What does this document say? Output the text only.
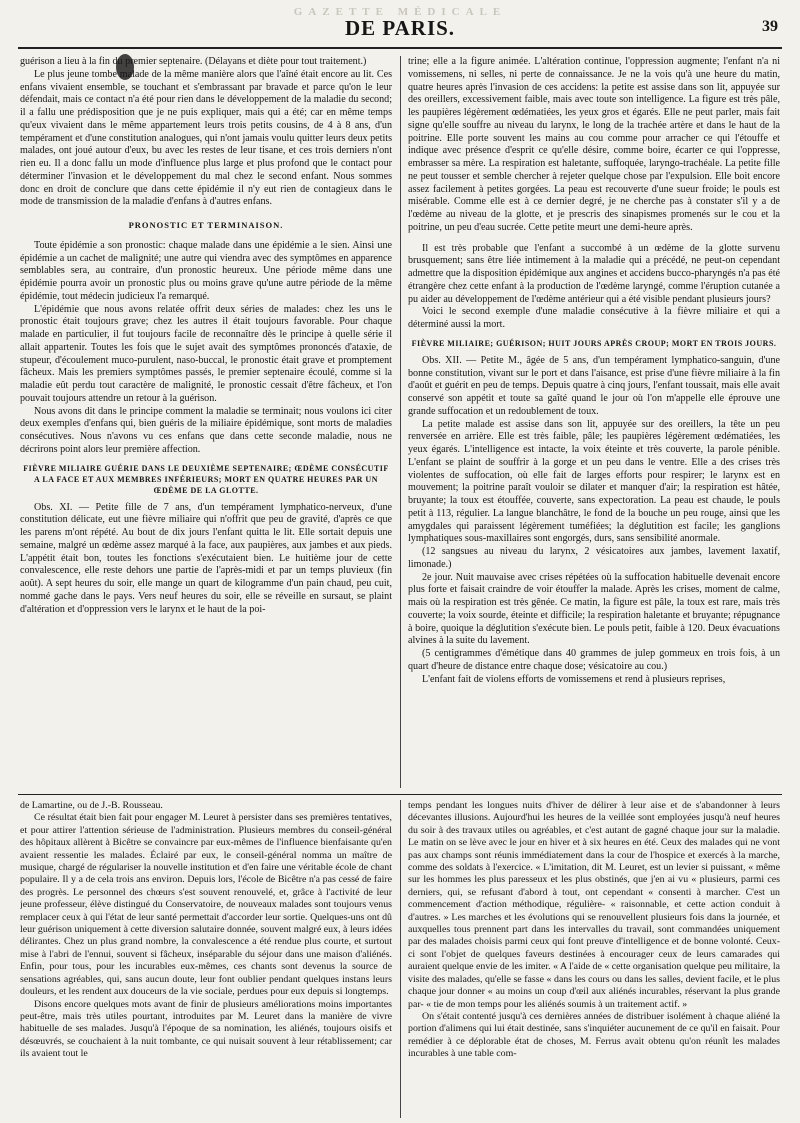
GAZETTE MÉDICALE
DE PARIS.	39

guérison a lieu à la fin du premier septenaire. (Délayans et diète pour tout traitement.)

Le plus jeune tombe malade de la même manière alors que l'aîné était encore au lit. Ces enfans vivaient ensemble, se touchant et s'embrassant par bravade et parce qu'on le leur défendait, mais ce contact n'a été pour rien dans le développement de la maladie du second; il a fallu une prédisposition que je ne puis expliquer, mais qui a été; car en même temps qu'eux vivaient dans le même appartement leurs trois petits cousins, de 4 à 8 ans, d'un tempérament et d'une constitution analogues, qui n'ont jamais voulu quitter leurs deux petits malades, ont joué autour d'eux, bu avec les restes de leur tisane, et ces trois derniers n'ont rien eu. Il a donc fallu un mode d'influence plus large et plus profond que le contact pour déterminer l'invasion et le développement du mal chez le second enfant. Nous sommes donc en droit de conclure que dans cette épidémie il n'y eut rien de contagieux dans le mode de transmission de la maladie d'enfans à d'autres enfans.

PRONOSTIC ET TERMINAISON.

Toute épidémie a son pronostic: chaque malade dans une épidémie a le sien. Ainsi une épidémie a un cachet de malignité; une autre qui viendra avec des symptômes en apparence semblables sera, au contraire, d'un pronostic heureux. Une période même dans une épidémie pourra avoir un pronostic plus ou moins grave qu'une autre période de la même épidémie, tout médecin judicieux l'a remarqué.

L'épidémie que nous avons relatée offrit deux séries de malades: chez les uns le pronostic était toujours grave; chez les autres il était toujours favorable. Pour chaque malade en particulier, il fut toujours facile de reconnaître dès le principe à quelle série il allait appartenir. Toutes les fois que le sujet avait des symptômes prononcés d'ataxie, de stupeur, d'écoulement muco-purulent, naso-buccal, le pronostic était grave et promptement fâcheux. Mais les premiers symptômes passés, le premier septenaire écoulé, comme si la maladie eût perdu tout caractère de malignité, le pronostic cessait d'être fâcheux, et l'on pouvait toujours attendre un retour à la guérison.

Nous avons dit dans le principe comment la maladie se terminait; nous voulons ici citer deux exemples d'enfans qui, bien guéris de la miliaire épidémique, sont morts de maladies consécutives. Nous n'avons vu ces enfans que dans cette seconde maladie, nous ne décrirons point alors leur première affection.

FIÈVRE MILIAIRE GUÉRIE DANS LE DEUXIÈME SEPTENAIRE; ŒDÈME CONSÉCUTIF A LA FACE ET AUX MEMBRES INFÉRIEURS; MORT EN QUATRE HEURES PAR UN ŒDÈME DE LA GLOTTE.

Obs. XI. — Petite fille de 7 ans, d'un tempérament lymphatico-nerveux, d'une constitution délicate, eut une fièvre miliaire qui n'offrit que peu de gravité, d'après ce que les parens m'ont répété. Au bout de dix jours l'enfant quitta le lit. Elle sortait depuis une semaine, malgré un œdème assez marqué à la face, aux paupières, aux jambes et aux pieds. L'appétit était bon, toutes les fonctions s'exécutaient bien. Le huitième jour de cette convalescence, elle reste dehors une partie de l'après-midi et par un temps pluvieux (fin août). A sept heures du soir, elle mange un quart de kilogramme d'un pain chaud, peu cuit, nommé gache dans le pays. Vers neuf heures du soir, elle se réveille en sursaut, se plaint d'altération et d'oppression vers le larynx et le haut de la poi-

trine; elle a la figure animée. L'altération continue, l'oppression augmente; l'enfant n'a ni vomissemens, ni selles, ni perte de connaissance. Je ne la vois qu'à une heure du matin, quatre heures après l'invasion de ces accidens: la petite est assise dans son lit, appuyée sur des oreillers, excessivement faible, mais avec toute son intelligence. La figure est très pâle, les paupières légèrement œdématiées, les yeux gros et égarés. Elle ne peut parler, mais fait signe qu'elle souffre au niveau du larynx, le long de la trachée artère et dans le haut de la poitrine. Elle porte souvent les mains au cou comme pour arracher ce qui l'étouffe et indique avec présence d'esprit ce qu'elle désire, comme boire, écarter ce qui l'oppresse, embrasser sa mère. La respiration est haletante, suffoquée, laryngo-trachéale. La petite fille ne peut tousser et semble chercher à rejeter quelque chose par l'expulsion. Elle boit encore assez facilement à petites gorgées. La peau est recouverte d'une sueur froide; le pouls est misérable. Comme elle est à ce dernier degré, je ne cherche pas à constater s'il y a de l'œdème au niveau de la glotte, et je prescris des sinapismes promenés sur le cou et la poitrine, un peu d'eau sucrée. Cette petite meurt une demi-heure après.

Il est très probable que l'enfant a succombé à un œdème de la glotte survenu brusquement; sans être liée intimement à la maladie qui a précédé, ne peut-on cependant admettre que la disposition épidémique aux angines et accidens bucco-pharyngés n'a pas été étrangère chez cette enfant à la production de l'œdème laryngé, comme l'éruption cutanée a pu aider au développement de l'œdème antérieur qui a été visible pendant plusieurs jours?

Voici le second exemple d'une maladie consécutive à la fièvre miliaire et qui a déterminé aussi la mort.

FIÈVRE MILIAIRE; GUÉRISON; HUIT JOURS APRÈS CROUP; MORT EN TROIS JOURS.

Obs. XII. — Petite M., âgée de 5 ans, d'un tempérament lymphatico-sanguin, d'une bonne constitution, vivant sur le port et dans l'aisance, est prise d'une fièvre miliaire à la fin d'août et guérit en peu de temps. Depuis quatre à cinq jours, l'enfant toussait, mais elle avait conservé son appétit et toute sa gaîté quand le jour où l'on m'appelle elle éprouve une grande suffocation et un redoublement de toux.

La petite malade est assise dans son lit, appuyée sur des oreillers, la tête un peu renversée en arrière. Elle est très faible, pâle; les paupières légèrement œdématiées, les yeux égarés. L'intelligence est intacte, la voix éteinte et très couverte, la parole pénible. L'enfant se plaint de souffrir à la gorge et un peu dans le ventre. Elle a des crises très violentes de suffocation, où elle fait de larges efforts pour respirer; le larynx est en mouvement; la poitrine paraît vouloir se dilater et manquer d'air; la respiration est hâtée, bruyante; la toux est étouffée, couverte, sans expectoration. La peau est chaude, le pouls petit à 113, régulier. La langue blanchâtre, le fond de la bouche un peu rouge, ainsi que les amygdales qui paraissent légèrement tuméfiées; la déglutition est facile; les ganglions lymphatiques sous-maxillaires sont engorgés, durs, sans sensibilité anormale.

(12 sangsues au niveau du larynx, 2 vésicatoires aux jambes, lavement laxatif, limonade.)

2e jour. Nuit mauvaise avec crises répétées où la suffocation habituelle devenait encore plus forte et faisait craindre de voir étouffer la malade. Après les crises, moment de calme, mais où la respiration est très gênée. Ce matin, la figure est pâle, la toux est rare, mais très couverte; la voix sourde, éteinte et difficile; la respiration haletante et bruyante; répugnance à boire, quoique la déglutition s'exécute bien. Le pouls petit, faible à 120. Deux évacuations alvines à la suite du lavement.

(5 centigrammes d'émétique dans 40 grammes de julep gommeux en trois fois, à un quart d'heure de distance entre chaque dose; vésicatoire au cou.)

L'enfant fait de violens efforts de vomissemens et rend à plusieurs reprises,

de Lamartine, ou de J.-B. Rousseau.

Ce résultat était bien fait pour engager M. Leuret à persister dans ses premières tentatives, et pour attirer l'attention sérieuse de l'administration. Plusieurs membres du conseil-général des hôpitaux allèrent à Bicêtre se convaincre par eux-mêmes de l'influence bienfaisante qu'en avaient ressentie les malades. Éclairé par eux, le conseil-général nomma un maître de musique, chargé de régulariser la nouvelle institution et d'en faire une véritable école de chant populaire. Il y a de cela trois ans environ. Depuis lors, l'école de Bicêtre n'a pas cessé de faire des progrès. Le personnel des chœurs s'est souvent renouvelé, et, grâce à l'activité de leur jeune professeur, élève distingué du Conservatoire, de nouveaux malades sont toujours venus remplacer ceux à qui l'état de leur santé permettait d'accorder leur sortie. Quelques-uns ont dû leur guérison uniquement à cette diversion salutaire donnée, souvent malgré eux, à leurs idées délirantes. Chez un plus grand nombre, la convalescence a été rendue plus courte, et surtout mise à l'abri de l'ennui, souvent si fâcheux, inséparable du séjour dans une maison d'aliénés. Enfin, pour tous, pour les incurables eux-mêmes, ces chants sont devenus la source de sensations agréables, qui, sans aucun doute, leur font oublier pendant quelques instans leurs douleurs, et les rendent aux douceurs de la vie sociale, perdues pour eux depuis si longtemps.

Disons encore quelques mots avant de finir de plusieurs améliorations moins importantes peut-être, mais très utiles pourtant, introduites par M. Leuret dans la manière de vivre habituelle de ses malades. Jusqu'à l'époque de sa nomination, les aliénés, toujours oisifs et désœuvrés, se couchaient à la nuit tombante, ce qui nuisait souvent à leur rétablissement; car ils avaient tout le

temps pendant les longues nuits d'hiver de délirer à leur aise et de s'abandonner à leurs décevantes illusions. Aujourd'hui les heures de la veillée sont employées jusqu'à neuf heures du soir à des travaux utiles ou agréables, et c'est autant de gagné chaque jour sur la maladie. Le matin on se lève avec le jour en hiver et à six heures en été. Ceux des malades qui ne vont pas aux champs sont réunis immédiatement dans la cour de l'hospice et exercés à la marche, comme des soldats à l'exercice. « L'imitation, dit M. Leuret, est un levier si puissant, « même sur les hommes les plus paresseux et les plus obstinés, que j'en ai vu « plusieurs, parmi ces derniers, qui, se refusant d'abord à tout, ont cependant « consenti à marcher. C'est un commencement d'action méthodique, régulière- « raisonnable, et cette action conduit à d'autres. » Les marches et les évolutions qui se renouvellent plusieurs fois dans la journée, et auxquelles tous prennent part dans les intervalles du travail, sont commandées uniquement par des malades choisis parmi ceux qui font preuve d'intelligence et de bonne volonté. Ceux-ci sont l'objet de quelques faveurs destinées à encourager ceux de leurs camarades qui auraient quelque envie de les imiter. « A l'aide de « cette organisation quelque peu militaire, la visite des malades, qu'elle se fasse « dans les cours ou dans les salles, devient facile, et le plus chaque jour donner « au moins un coup d'œil aux aliénés incurables, réservant la plus grande par- « tie de mon temps pour les aliénés soumis à un traitement actif. »

On s'était contenté jusqu'à ces dernières années de distribuer isolément à chaque aliéné la portion d'alimens qui lui était destinée, sans s'inquiéter aucunement de ce qu'il en faisait. Pour remédier à ce déplorable état de choses, M. Ferrus avait obtenu qu'on réunît les malades incurables à une table com-
